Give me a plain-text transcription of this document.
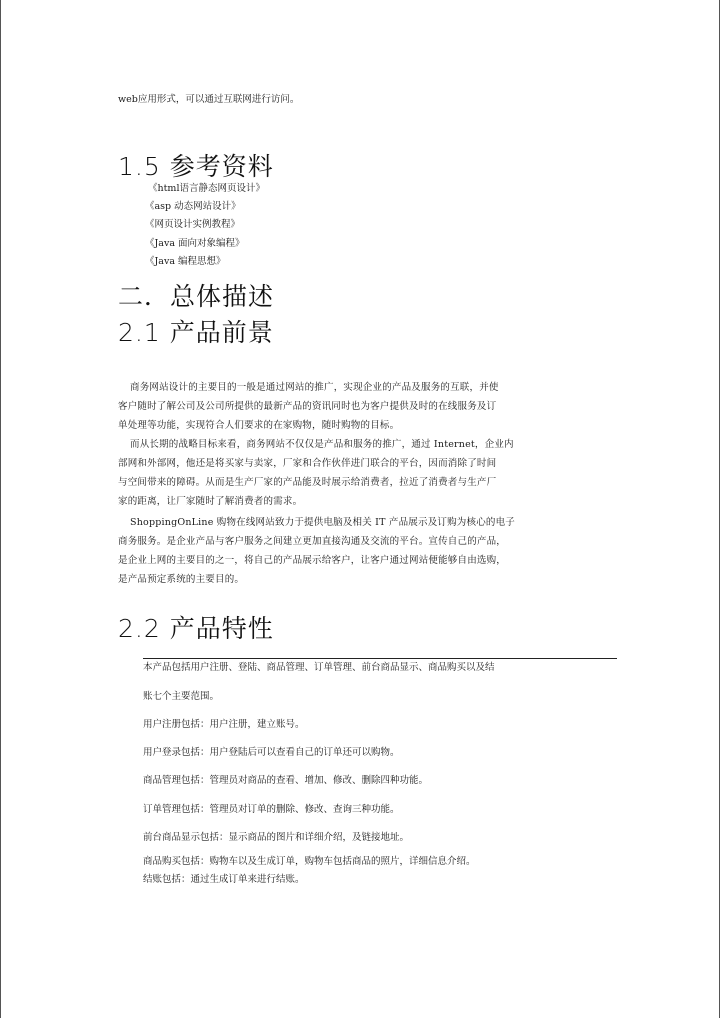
web应用形式，可以通过互联网进行访问。
1.5 参考资料
《html语言静态网页设计》
《asp 动态网站设计》
《网页设计实例教程》
《Java 面向对象编程》
《Java 编程思想》
二．总体描述
2.1 产品前景
商务网站设计的主要目的一般是通过网站的推广，实现企业的产品及服务的互联，并使
客户随时了解公司及公司所提供的最新产品的资讯同时也为客户提供及时的在线服务及订
单处理等功能，实现符合人们要求的在家购物，随时购物的目标。
而从长期的战略目标来看，商务网站不仅仅是产品和服务的推广，通过 Internet，企业内
部网和外部网，他还是将买家与卖家，厂家和合作伙伴进门联合的平台，因而消除了时间
与空间带来的障碍。从而是生产厂家的产品能及时展示给消费者，拉近了消费者与生产厂
家的距离，让厂家随时了解消费者的需求。
ShoppingOnLine 购物在线网站致力于提供电脑及相关 IT 产品展示及订购为核心的电子
商务服务。是企业产品与客户服务之间建立更加直接沟通及交流的平台。宣传自己的产品，
是企业上网的主要目的之一，将自己的产品展示给客户，让客户通过网站便能够自由选购，
是产品预定系统的主要目的。
2.2 产品特性
本产品包括用户注册、登陆、商品管理、订单管理、前台商品显示、商品购买以及结
账七个主要范围。
用户注册包括：用户注册，建立账号。
用户登录包括：用户登陆后可以查看自己的订单还可以购物。
商品管理包括：管理员对商品的查看、增加、修改、删除四种功能。
订单管理包括：管理员对订单的删除、修改、查询三种功能。
前台商品显示包括：显示商品的图片和详细介绍，及链接地址。
商品购买包括：购物车以及生成订单，购物车包括商品的照片，详细信息介绍。
结账包括：通过生成订单来进行结账。
